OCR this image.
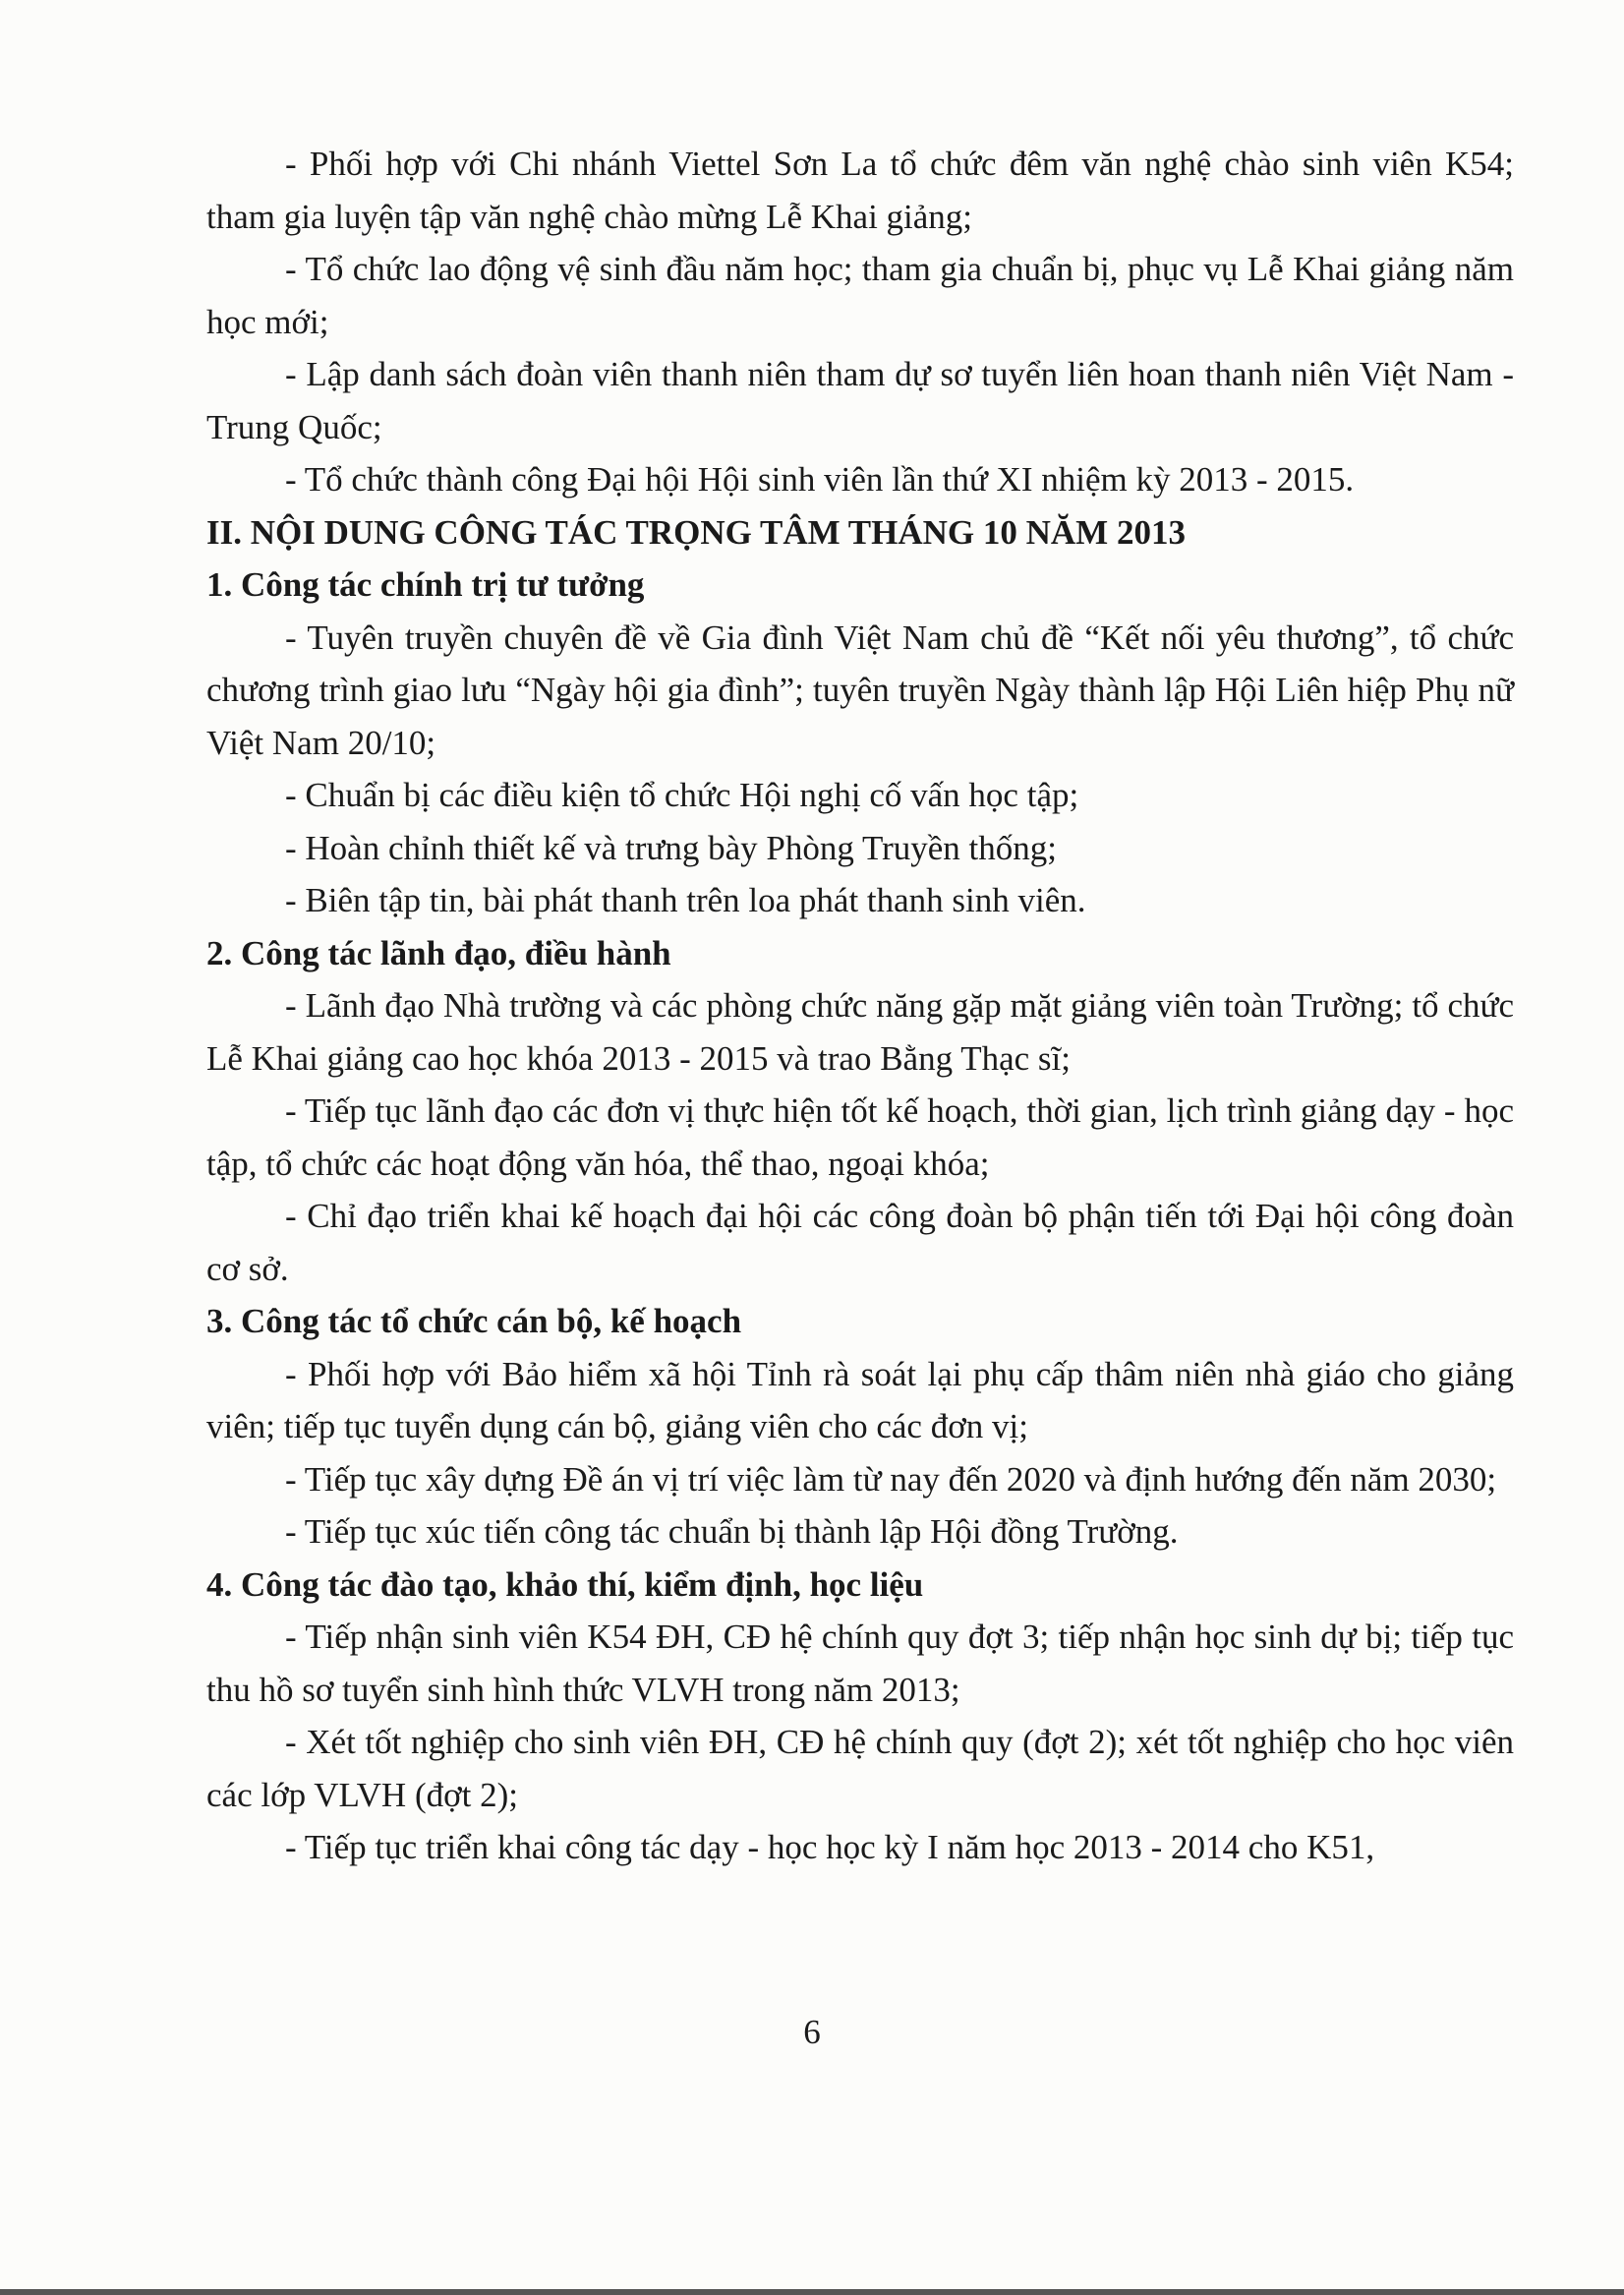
- Phối hợp với Chi nhánh Viettel Sơn La tổ chức đêm văn nghệ chào sinh viên K54; tham gia luyện tập văn nghệ chào mừng Lễ Khai giảng;

- Tổ chức lao động vệ sinh đầu năm học; tham gia chuẩn bị, phục vụ Lễ Khai giảng năm học mới;

- Lập danh sách đoàn viên thanh niên tham dự sơ tuyển liên hoan thanh niên Việt Nam - Trung Quốc;

- Tổ chức thành công Đại hội Hội sinh viên lần thứ XI nhiệm kỳ 2013 - 2015.

II. NỘI DUNG CÔNG TÁC TRỌNG TÂM THÁNG 10 NĂM 2013

1. Công tác chính trị tư tưởng

- Tuyên truyền chuyên đề về Gia đình Việt Nam chủ đề “Kết nối yêu thương”, tổ chức chương trình giao lưu “Ngày hội gia đình”; tuyên truyền Ngày thành lập Hội Liên hiệp Phụ nữ Việt Nam 20/10;

- Chuẩn bị các điều kiện tổ chức Hội nghị cố vấn học tập;

- Hoàn chỉnh thiết kế và trưng bày Phòng Truyền thống;

- Biên tập tin, bài phát thanh trên loa phát thanh sinh viên.

2. Công tác lãnh đạo, điều hành

- Lãnh đạo Nhà trường và các phòng chức năng gặp mặt giảng viên toàn Trường; tổ chức Lễ Khai giảng cao học khóa 2013 - 2015 và trao Bằng Thạc sĩ;

- Tiếp tục lãnh đạo các đơn vị thực hiện tốt kế hoạch, thời gian, lịch trình giảng dạy - học tập, tổ chức các hoạt động văn hóa, thể thao, ngoại khóa;

- Chỉ đạo triển khai kế hoạch đại hội các công đoàn bộ phận tiến tới Đại hội công đoàn cơ sở.

3. Công tác tổ chức cán bộ, kế hoạch

- Phối hợp với Bảo hiểm xã hội Tỉnh rà soát lại phụ cấp thâm niên nhà giáo cho giảng viên; tiếp tục tuyển dụng cán bộ, giảng viên cho các đơn vị;

- Tiếp tục xây dựng Đề án vị trí việc làm từ nay đến 2020 và định hướng đến năm 2030;

- Tiếp tục xúc tiến công tác chuẩn bị thành lập Hội đồng Trường.

4. Công tác đào tạo, khảo thí, kiểm định, học liệu

- Tiếp nhận sinh viên K54 ĐH, CĐ hệ chính quy đợt 3; tiếp nhận học sinh dự bị; tiếp tục thu hồ sơ tuyển sinh hình thức VLVH trong năm 2013;

- Xét tốt nghiệp cho sinh viên ĐH, CĐ hệ chính quy (đợt 2); xét tốt nghiệp cho học viên các lớp VLVH (đợt 2);

- Tiếp tục triển khai công tác dạy - học học kỳ I năm học 2013 - 2014 cho K51,

6
